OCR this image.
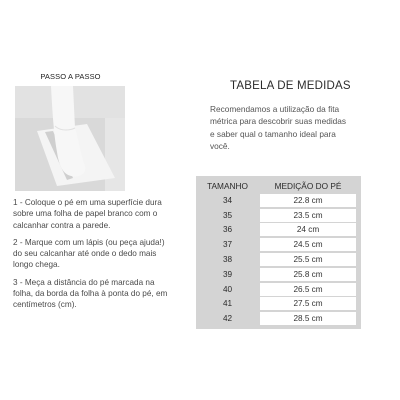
PASSO A PASSO

1 - Coloque o pé em uma superfície dura sobre uma folha de papel branco com o calcanhar contra a parede.

2 - Marque com um lápis (ou peça ajuda!) do seu calcanhar até onde o dedo mais longo chega.

3 - Meça a distância do pé marcada na folha, da borda da folha à ponta do pé, em centímetros (cm).

TABELA DE MEDIDAS
Recomendamos a utilização da fita métrica para descobrir suas medidas e saber qual o tamanho ideal para você.
TAMANHO	MEDIÇÃO DO PÉ
34	22.8 cm
35	23.5 cm
36	24 cm
37	24.5 cm
38	25.5 cm
39	25.8 cm
40	26.5 cm
41	27.5 cm
42	28.5 cm
